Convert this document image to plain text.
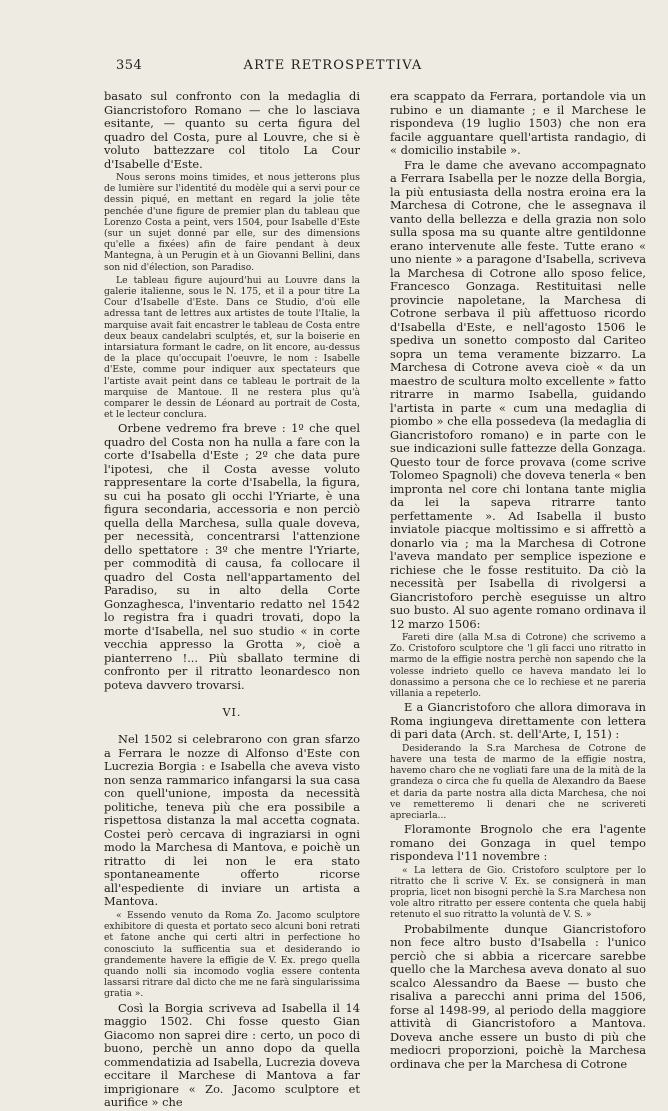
354	ARTE RETROSPETTIVA

basato sul confronto con la medaglia di Giancristoforo Romano — che lo lasciava esitante, — quanto su certa figura del quadro del Costa, pure al Louvre, che si è voluto battezzare col titolo La Cour d'Isabelle d'Este.

Nous serons moins timides, et nous jetterons plus de lumière sur l'identité du modèle qui a servi pour ce dessin piqué, en mettant en regard la jolie tête penchée d'une figure de premier plan du tableau que Lorenzo Costa a peint, vers 1504, pour Isabelle d'Este (sur un sujet donné par elle, sur des dimensions qu'elle a fixées) afin de faire pendant à deux Mantegna, à un Perugin et à un Giovanni Bellini, dans son nid d'élection, son Paradiso.

Le tableau figure aujourd'hui au Louvre dans la galerie italienne, sous le N. 175, et il a pour titre La Cour d'Isabelle d'Este. Dans ce Studio, d'où elle adressa tant de lettres aux artistes de toute l'Italie, la marquise avait fait encastrer le tableau de Costa entre deux beaux candelabri sculptés, et, sur la boiserie en intarsiatura formant le cadre, on lit encore, au-dessus de la place qu'occupait l'oeuvre, le nom : Isabelle d'Este, comme pour indiquer aux spectateurs que l'artiste avait peint dans ce tableau le portrait de la marquise de Mantoue. Il ne restera plus qu'à comparer le dessin de Léonard au portrait de Costa, et le lecteur conclura.

Orbene vedremo fra breve : 1º che quel quadro del Costa non ha nulla a fare con la corte d'Isabella d'Este ; 2º che data pure l'ipotesi, che il Costa avesse voluto rappresentare la corte d'Isabella, la figura, su cui ha posato gli occhi l'Yriarte, è una figura secondaria, accessoria e non perciò quella della Marchesa, sulla quale doveva, per necessità, concentrarsi l'attenzione dello spettatore : 3º che mentre l'Yriarte, per commodità di causa, fa collocare il quadro del Costa nell'appartamento del Paradiso, su in alto della Corte Gonzaghesca, l'inventario redatto nel 1542 lo registra fra i quadri trovati, dopo la morte d'Isabella, nel suo studio « in corte vecchia appresso la Grotta », cioè a pianterreno !... Più sballato termine di confronto per il ritratto leonardesco non poteva davvero trovarsi.

VI.

Nel 1502 si celebrarono con gran sfarzo a Ferrara le nozze di Alfonso d'Este con Lucrezia Borgia : e Isabella che aveva visto non senza rammarico infangarsi la sua casa con quell'unione, imposta da necessità politiche, teneva più che era possibile a rispettosa distanza la mal accetta cognata. Costei però cercava di ingraziarsi in ogni modo la Marchesa di Mantova, e poichè un ritratto di lei non le era stato spontaneamente offerto ricorse all'espediente di inviare un artista a Mantova.

« Essendo venuto da Roma Zo. Jacomo sculptore exhibitore di questa et portato seco alcuni boni retrati et fatone anche qui certi altri in perfectione ho conosciuto la sufficentia sua et desiderando io grandemente havere la effigie de V. Ex. prego quella quando nolli sia incomodo voglia essere contenta lassarsi ritrare dal dicto che me ne farà singularissima gratia ».

Così la Borgia scriveva ad Isabella il 14 maggio 1502. Chi fosse questo Gian Giacomo non saprei dire : certo, un poco di buono, perchè un anno dopo da quella commendatizia ad Isabella, Lucrezia doveva eccitare il Marchese di Mantova a far imprigionare « Zo. Jacomo sculptore et aurifice » che

era scappato da Ferrara, portandole via un rubino e un diamante ; e il Marchese le rispondeva (19 luglio 1503) che non era facile agguantare quell'artista randagio, di « domicilio instabile ».

Fra le dame che avevano accompagnato a Ferrara Isabella per le nozze della Borgia, la più entusiasta della nostra eroina era la Marchesa di Cotrone, che le assegnava il vanto della bellezza e della grazia non solo sulla sposa ma su quante altre gentildonne erano intervenute alle feste. Tutte erano « uno niente » a paragone d'Isabella, scriveva la Marchesa di Cotrone allo sposo felice, Francesco Gonzaga. Restituitasi nelle provincie napoletane, la Marchesa di Cotrone serbava il più affettuoso ricordo d'Isabella d'Este, e nell'agosto 1506 le spediva un sonetto composto dal Cariteo sopra un tema veramente bizzarro. La Marchesa di Cotrone aveva cioè « da un maestro de scultura molto excellente » fatto ritrarre in marmo Isabella, guidando l'artista in parte « cum una medaglia di piombo » che ella possedeva (la medaglia di Giancristoforo romano) e in parte con le sue indicazioni sulle fattezze della Gonzaga. Questo tour de force provava (come scrive Tolomeo Spagnoli) che doveva tenerla « ben impronta nel core chi lontana tante miglia da lei la sapeva ritrarre tanto perfettamente ». Ad Isabella il busto inviatole piacque moltissimo e si affrettò a donarlo via ; ma la Marchesa di Cotrone l'aveva mandato per semplice ispezione e richiese che le fosse restituito. Da ciò la necessità per Isabella di rivolgersi a Giancristoforo perchè eseguisse un altro suo busto. Al suo agente romano ordinava il 12 marzo 1506:

Fareti dire (alla M.sa di Cotrone) che scrivemo a Zo. Cristoforo sculptore che 'l gli facci uno ritratto in marmo de la effigie nostra perchè non sapendo che la volesse indrieto quello ce haveva mandato lei lo donassimo a persona che ce lo rechiese et ne pareria villania a repeterlo.

E a Giancristoforo che allora dimorava in Roma ingiungeva direttamente con lettera di pari data (Arch. st. dell'Arte, I, 151) :

Desiderando la S.ra Marchesa de Cotrone de havere una testa de marmo de la effigie nostra, havemo charo che ne vogliati fare una de la mità de la grandeza o circa che fu quella de Alexandro da Baese et daria da parte nostra alla dicta Marchesa, che noi ve remetteremo li denari che ne scrivereti apreciarla...

Floramonte Brognolo che era l'agente romano dei Gonzaga in quel tempo rispondeva l'11 novembre :

« La lettera de Gio. Cristoforo sculptore per lo ritratto che lì scrive V. Ex. se consignerà in man propria, licet non bisogni perchè la S.ra Marchesa non vole altro ritratto per essere contenta che quela habij retenuto el suo ritratto la voluntà de V. S. »

Probabilmente dunque Giancristoforo non fece altro busto d'Isabella : l'unico perciò che si abbia a ricercare sarebbe quello che la Marchesa aveva donato al suo scalco Alessandro da Baese — busto che risaliva a parecchi anni prima del 1506, forse al 1498-99, al periodo della maggiore attività di Giancristoforo a Mantova. Doveva anche essere un busto di più che mediocri proporzioni, poichè la Marchesa ordinava che per la Marchesa di Cotrone
